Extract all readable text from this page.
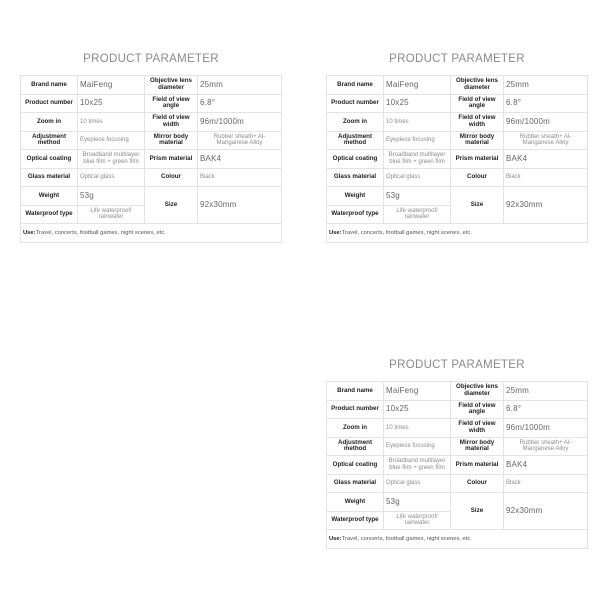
PRODUCT PARAMETER
Brand name	MaiFeng	Objective lens diameter	25mm
Product number	10x25	Field of view angle	6.8°
Zoom in	10 times	Field of view width	96m/1000m
Adjustment method	Eyepiece focusing	Mirror body material	Rubber sheath+ Al-Manganese Alloy
Optical coating	Broadband multilayer blue film + green film	Prism material	BAK4
Glass material	Optical glass	Colour	Black
Weight	53g	Size	92x30mm
Waterproof type	Life waterproof/ rainwater		
Use:Travel, concerts, football games, night scenes, etc.			
PRODUCT PARAMETER
Brand name	MaiFeng	Objective lens diameter	25mm
Product number	10x25	Field of view angle	6.8°
Zoom in	10 times	Field of view width	96m/1000m
Adjustment method	Eyepiece focusing	Mirror body material	Rubber sheath+ Al-Manganese Alloy
Optical coating	Broadband multilayer blue film + green film	Prism material	BAK4
Glass material	Optical glass	Colour	Black
Weight	53g	Size	92x30mm
Waterproof type	Life waterproof/ rainwater		
Use:Travel, concerts, football games, night scenes, etc.			
PRODUCT PARAMETER
Brand name	MaiFeng	Objective lens diameter	25mm
Product number	10x25	Field of view angle	6.8°
Zoom in	10 times	Field of view width	96m/1000m
Adjustment method	Eyepiece focusing	Mirror body material	Rubber sheath+ Al-Manganese Alloy
Optical coating	Broadband multilayer blue film + green film	Prism material	BAK4
Glass material	Optical glass	Colour	Black
Weight	53g	Size	92x30mm
Waterproof type	Life waterproof/ rainwater		
Use:Travel, concerts, football games, night scenes, etc.			
